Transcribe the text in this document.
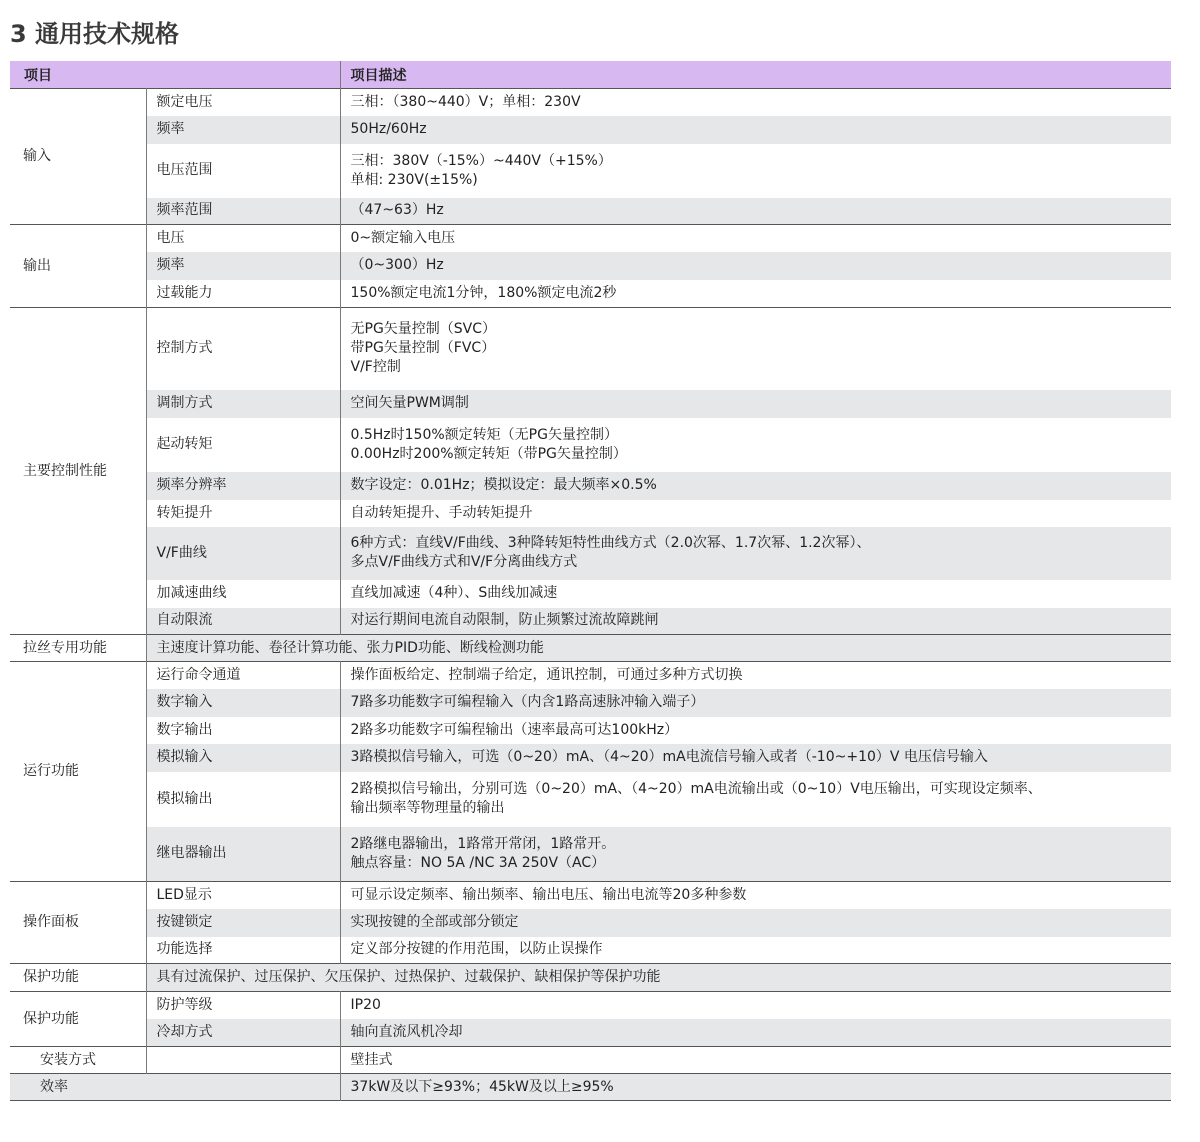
3 通用技术规格
项目		项目描述
输入	额定电压	三相：（380~440）V；单相：230V

	频率	50Hz/60Hz

	电压范围	三相：380V（-15%）~440V（+15%）
单相: 230V(±15%)

	频率范围	（47~63）Hz

输出	电压	0~额定输入电压

	频率	（0~300）Hz

	过载能力	150%额定电流1分钟，180%额定电流2秒

主要控制性能	控制方式	无PG矢量控制（SVC）
带PG矢量控制（FVC）
V/F控制

	调制方式	空间矢量PWM调制

	起动转矩	0.5Hz时150%额定转矩（无PG矢量控制）
0.00Hz时200%额定转矩（带PG矢量控制）

	频率分辨率	数字设定：0.01Hz；模拟设定：最大频率×0.5%

	转矩提升	自动转矩提升、手动转矩提升

	V/F曲线	6种方式：直线V/F曲线、3种降转矩特性曲线方式（2.0次幂、1.7次幂、1.2次幂）、
多点V/F曲线方式和V/F分离曲线方式

	加减速曲线	直线加减速（4种）、S曲线加减速

	自动限流	对运行期间电流自动限制，防止频繁过流故障跳闸

拉丝专用功能	主速度计算功能、卷径计算功能、张力PID功能、断线检测功能	
运行功能	运行命令通道	操作面板给定、控制端子给定，通讯控制，可通过多种方式切换

	数字输入	7路多功能数字可编程输入（内含1路高速脉冲输入端子）

	数字输出	2路多功能数字可编程输出（速率最高可达100kHz）

	模拟输入	3路模拟信号输入，可选（0~20）mA、（4~20）mA电流信号输入或者（-10~+10）V 电压信号输入

	模拟输出	2路模拟信号输出，分别可选（0~20）mA、（4~20）mA电流输出或（0~10）V电压输出，可实现设定频率、
输出频率等物理量的输出

	继电器输出	2路继电器输出，1路常开常闭，1路常开。
触点容量：NO 5A /NC 3A 250V（AC）

操作面板	LED显示	可显示设定频率、输出频率、输出电压、输出电流等20多种参数

	按键锁定	实现按键的全部或部分锁定

	功能选择	定义部分按键的作用范围，以防止误操作

保护功能	具有过流保护、过压保护、欠压保护、过热保护、过载保护、缺相保护等保护功能	
保护功能	防护等级	IP20

	冷却方式	轴向直流风机冷却

安装方式		壁挂式

效率		37kW及以下≥93%；45kW及以上≥95%
